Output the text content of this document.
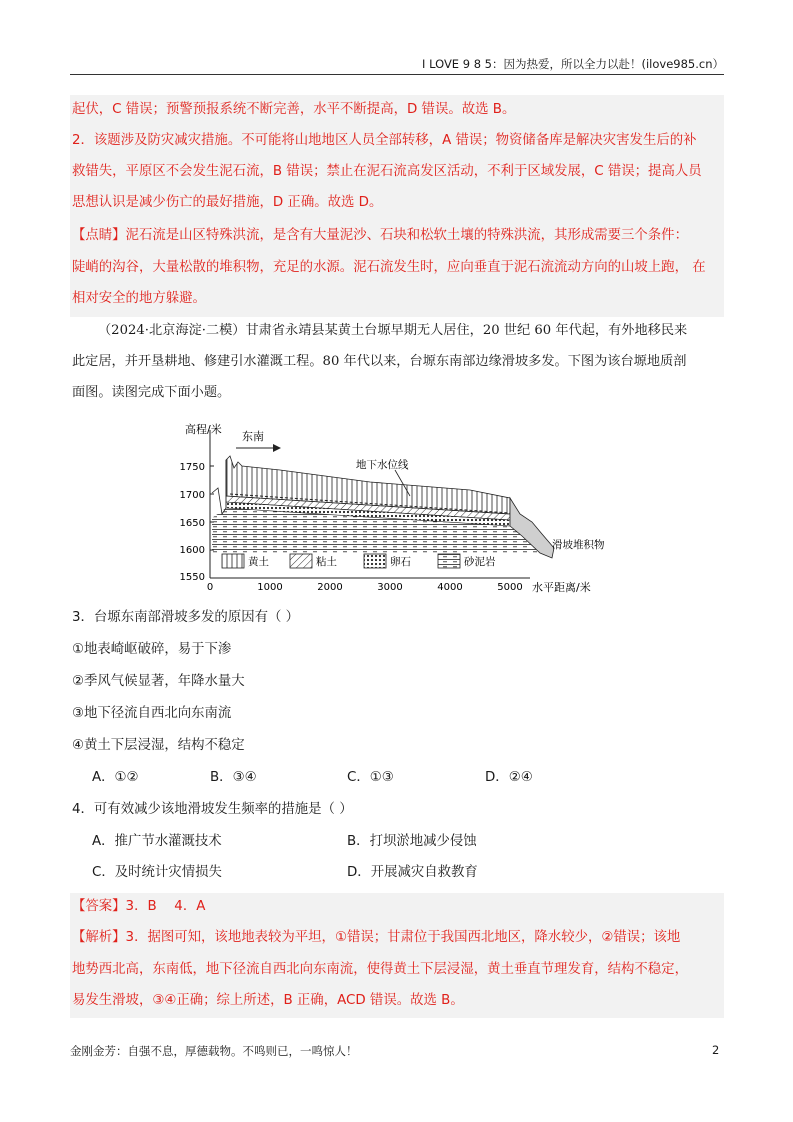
I LOVE 9 8 5：因为热爱，所以全力以赴！(ilove985.cn）
起伏，C 错误；预警预报系统不断完善，水平不断提高，D 错误。故选 B。
2．该题涉及防灾减灾措施。不可能将山地地区人员全部转移，A 错误；物资储备库是解决灾害发生后的补
救错失，平原区不会发生泥石流，B 错误；禁止在泥石流高发区活动，不利于区域发展，C 错误；提高人员
思想认识是减少伤亡的最好措施，D 正确。故选 D。
【点睛】泥石流是山区特殊洪流，是含有大量泥沙、石块和松软土壤的特殊洪流，其形成需要三个条件：
陡峭的沟谷，大量松散的堆积物，充足的水源。泥石流发生时，应向垂直于泥石流流动方向的山坡上跑， 在
相对安全的地方躲避。
（2024·北京海淀·二模）甘肃省永靖县某黄土台塬早期无人居住，20 世纪 60 年代起，有外地移民来
此定居，并开垦耕地、修建引水灌溉工程。80 年代以来，台塬东南部边缘滑坡多发。下图为该台塬地质剖
面图。读图完成下面小题。
高程/米
水平距离/米
1750
1700
1650
1600
1550
0	1000	2000	3000	4000	5000
东南
地下水位线
滑坡堆积物
黄土	粘土	卵石	砂泥岩
3．台塬东南部滑坡多发的原因有（ ）
①地表崎岖破碎，易于下渗
②季风气候显著，年降水量大
③地下径流自西北向东南流
④黄土下层浸湿，结构不稳定
A．①②	B．③④	C．①③	D．②④
4．可有效减少该地滑坡发生频率的措施是（ ）
A．推广节水灌溉技术	B．打坝淤地减少侵蚀
C．及时统计灾情损失	D．开展减灾自救教育
【答案】3．B　 4．A
【解析】3．据图可知，该地地表较为平坦，①错误；甘肃位于我国西北地区，降水较少，②错误；该地
地势西北高，东南低，地下径流自西北向东南流，使得黄土下层浸湿，黄土垂直节理发育，结构不稳定，
易发生滑坡，③④正确；综上所述，B 正确，ACD 错误。故选 B。
金刚金芳：自强不息，厚德载物。不鸣则已，一鸣惊人！	2
